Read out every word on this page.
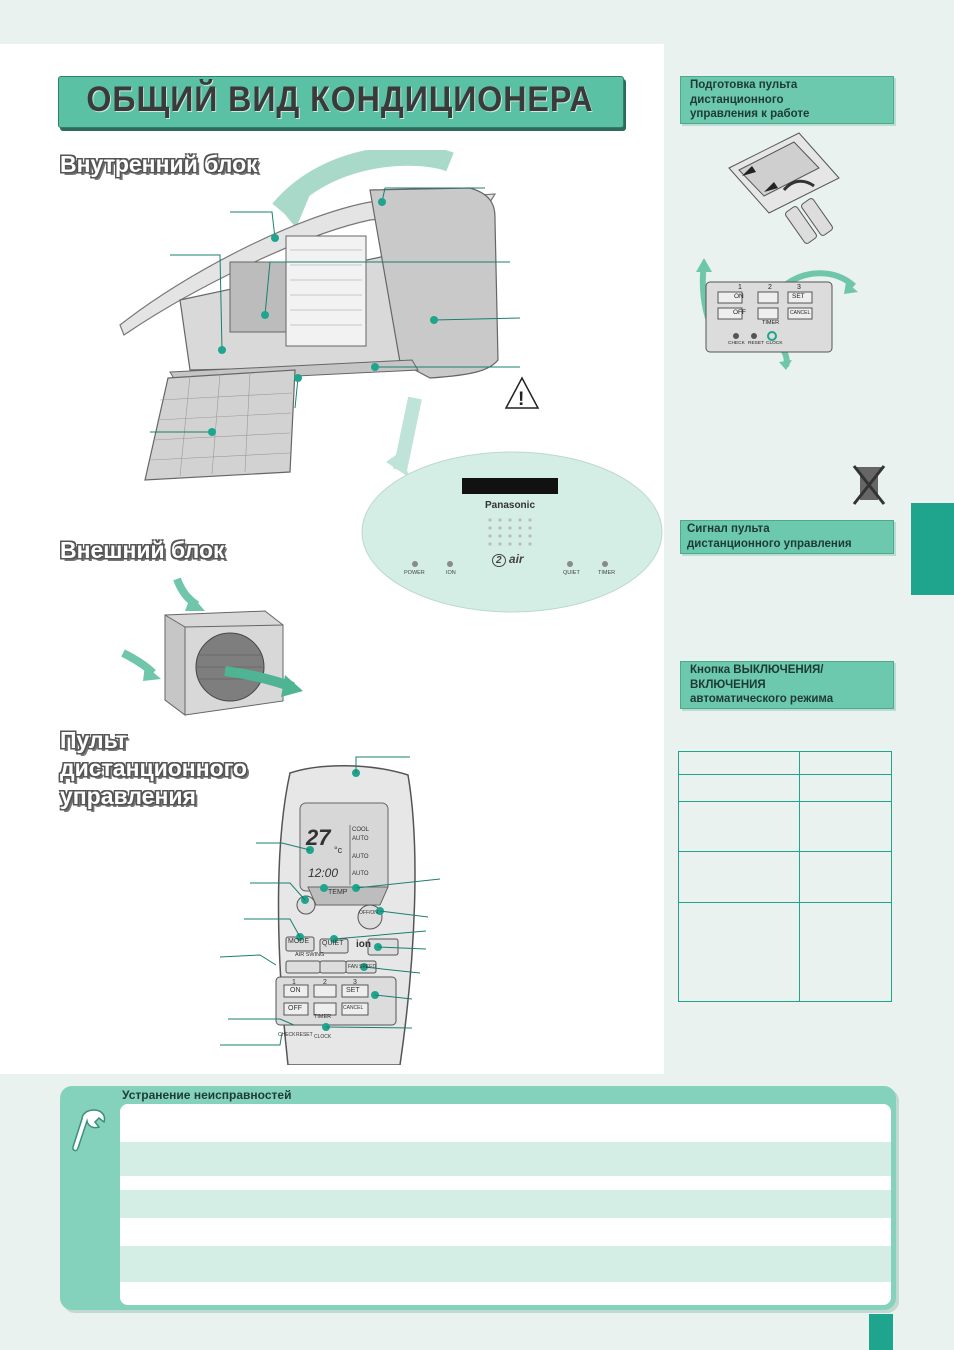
ОБЩИЙ ВИД КОНДИЦИОНЕРА
Внутренний блок
Внешний блок
Пульт
дистанционного
управления
!
Panasonic
2 air
POWER	ION	QUIET	TIMER
27 °c
12:00
COOL
AUTO
AUTO
AUTO
TEMP
OFF/ON
MODE QUIET ion
AIR SWING
FAN SPEED
1	2	3
ON
OFF
SET
CANCEL
TIMER
CHECK RESET CLOCK
Подготовка пульта
дистанционного
управления к работе
1	2	3
ON
OFF
SET
CANCEL
TIMER
CHECK RESET CLOCK
Сигнал пульта
дистанционного управления
Кнопка ВЫКЛЮЧЕНИЯ/
ВКЛЮЧЕНИЯ
автоматического режима
Устранение неисправностей
